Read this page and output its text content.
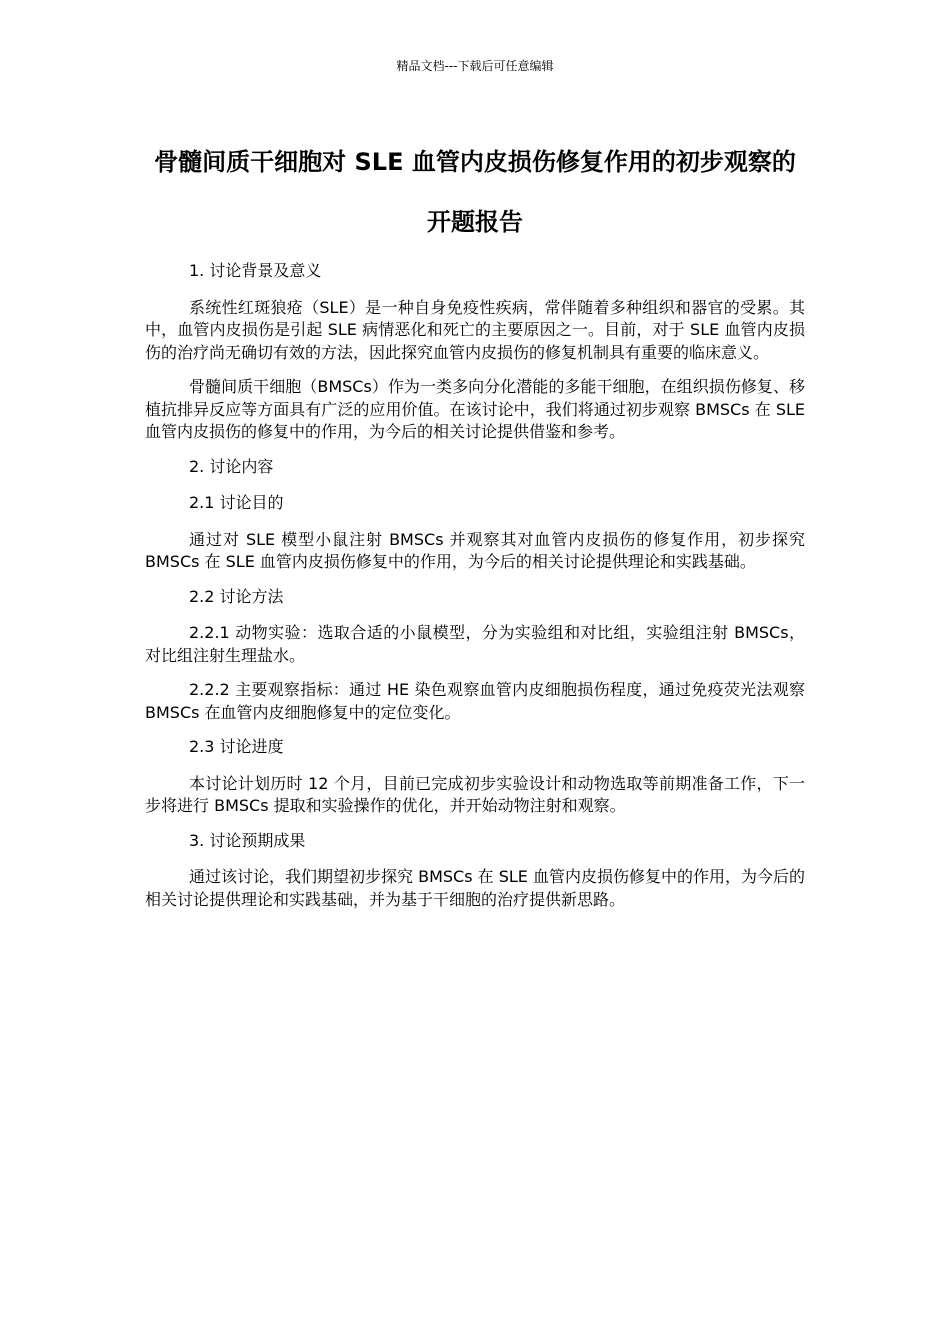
精品文档---下载后可任意编辑
骨髓间质干细胞对 SLE 血管内皮损伤修复作用的初步观察的开题报告

1. 讨论背景及意义

系统性红斑狼疮（SLE）是一种自身免疫性疾病，常伴随着多种组织和器官的受累。其中，血管内皮损伤是引起 SLE 病情恶化和死亡的主要原因之一。目前，对于 SLE 血管内皮损伤的治疗尚无确切有效的方法，因此探究血管内皮损伤的修复机制具有重要的临床意义。

骨髓间质干细胞（BMSCs）作为一类多向分化潜能的多能干细胞，在组织损伤修复、移植抗排异反应等方面具有广泛的应用价值。在该讨论中，我们将通过初步观察 BMSCs 在 SLE 血管内皮损伤的修复中的作用，为今后的相关讨论提供借鉴和参考。

2. 讨论内容

2.1 讨论目的

通过对 SLE 模型小鼠注射 BMSCs 并观察其对血管内皮损伤的修复作用，初步探究 BMSCs 在 SLE 血管内皮损伤修复中的作用，为今后的相关讨论提供理论和实践基础。

2.2 讨论方法

2.2.1 动物实验：选取合适的小鼠模型，分为实验组和对比组，实验组注射 BMSCs，对比组注射生理盐水。

2.2.2 主要观察指标：通过 HE 染色观察血管内皮细胞损伤程度，通过免疫荧光法观察 BMSCs 在血管内皮细胞修复中的定位变化。

2.3 讨论进度

本讨论计划历时 12 个月，目前已完成初步实验设计和动物选取等前期准备工作，下一步将进行 BMSCs 提取和实验操作的优化，并开始动物注射和观察。

3. 讨论预期成果

通过该讨论，我们期望初步探究 BMSCs 在 SLE 血管内皮损伤修复中的作用，为今后的相关讨论提供理论和实践基础，并为基于干细胞的治疗提供新思路。
